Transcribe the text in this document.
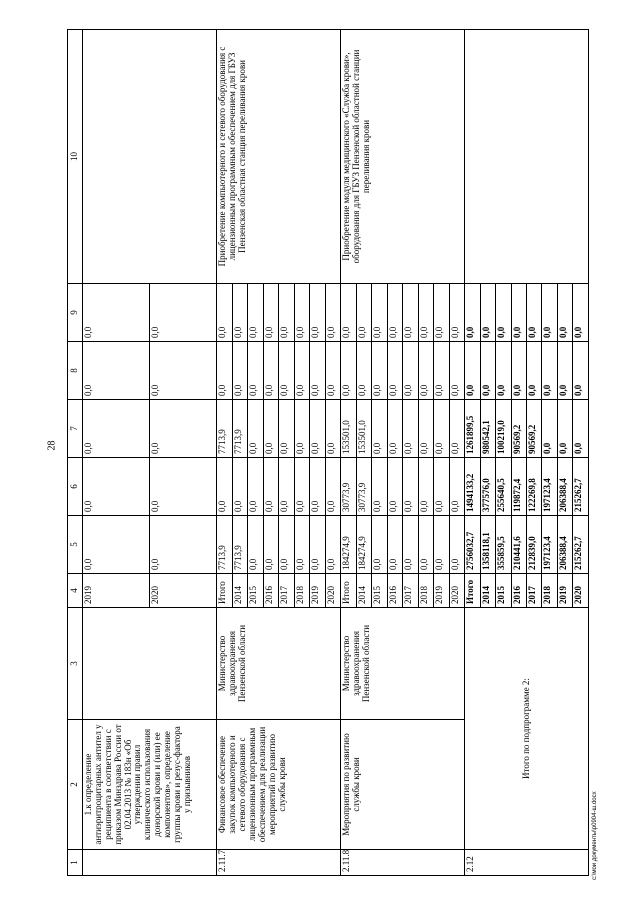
28
1	2	3	4	5	6	7	8	9	10
	1.к определение антиэритроцитарных антител у реципиента в соответствии с приказом Минздрава России от 02.04.2013 № 183н «Об утверждении правил клинического использования донорской крови и (или) ее компонентов», определение группы крови и резус-фактора у призывников		2019	0,0	0,0	0,0	0,0	0,0	
			2020	0,0	0,0	0,0	0,0	0,0	
2.11.7	Финансовое обеспечение закупок компьютерного и сетевого оборудования с лицензионным программным обеспечением для реализации мероприятий по развитию службы крови	Министерство здравоохранения Пензенской области	Итого	7713,9	0,0	7713,9	0,0	0,0	Приобретение компьютерного и сетевого оборудования с лицензионным программным обеспечением для ГБУЗ Пензенская областная станция переливания крови
			2014	7713,9	0,0	7713,9	0,0	0,0	
			2015	0,0	0,0	0,0	0,0	0,0	
			2016	0,0	0,0	0,0	0,0	0,0	
			2017	0,0	0,0	0,0	0,0	0,0	
			2018	0,0	0,0	0,0	0,0	0,0	
			2019	0,0	0,0	0,0	0,0	0,0	
			2020	0,0	0,0	0,0	0,0	0,0	
2.11.8	Мероприятия по развитию службы крови	Министерство здравоохранения Пензенской области	Итого	184274,9	30773,9	153501,0	0,0	0,0	Приобретение модуля медицинского «Служба крови», оборудования для ГБУЗ Пензенской областной станции переливания крови
			2014	184274,9	30773,9	153501,0	0,0	0,0	
			2015	0,0	0,0	0,0	0,0	0,0	
			2016	0,0	0,0	0,0	0,0	0,0	
			2017	0,0	0,0	0,0	0,0	0,0	
			2018	0,0	0,0	0,0	0,0	0,0	
			2019	0,0	0,0	0,0	0,0	0,0	
			2020	0,0	0,0	0,0	0,0	0,0	
2.12	Итого по подпрограмме 2:		Итого	2756032,7	1494133,2	1261899,5	0,0	0,0	
			2014	1358118,1	377576,0	980542,1	0,0	0,0	
			2015	355859,5	255640,5	100219,0	0,0	0,0	
			2016	210441,6	119872,4	90569,2	0,0	0,0	
			2017	212839,0	122269,8	90569,2	0,0	0,0	
			2018	197123,4	197123,4	0,0	0,0	0,0	
			2019	206388,4	206388,4	0,0	0,0	0,0	
			2020	215262,7	215262,7	0,0	0,0	0,0	
c:\мои документы\p0904-ш.docx
